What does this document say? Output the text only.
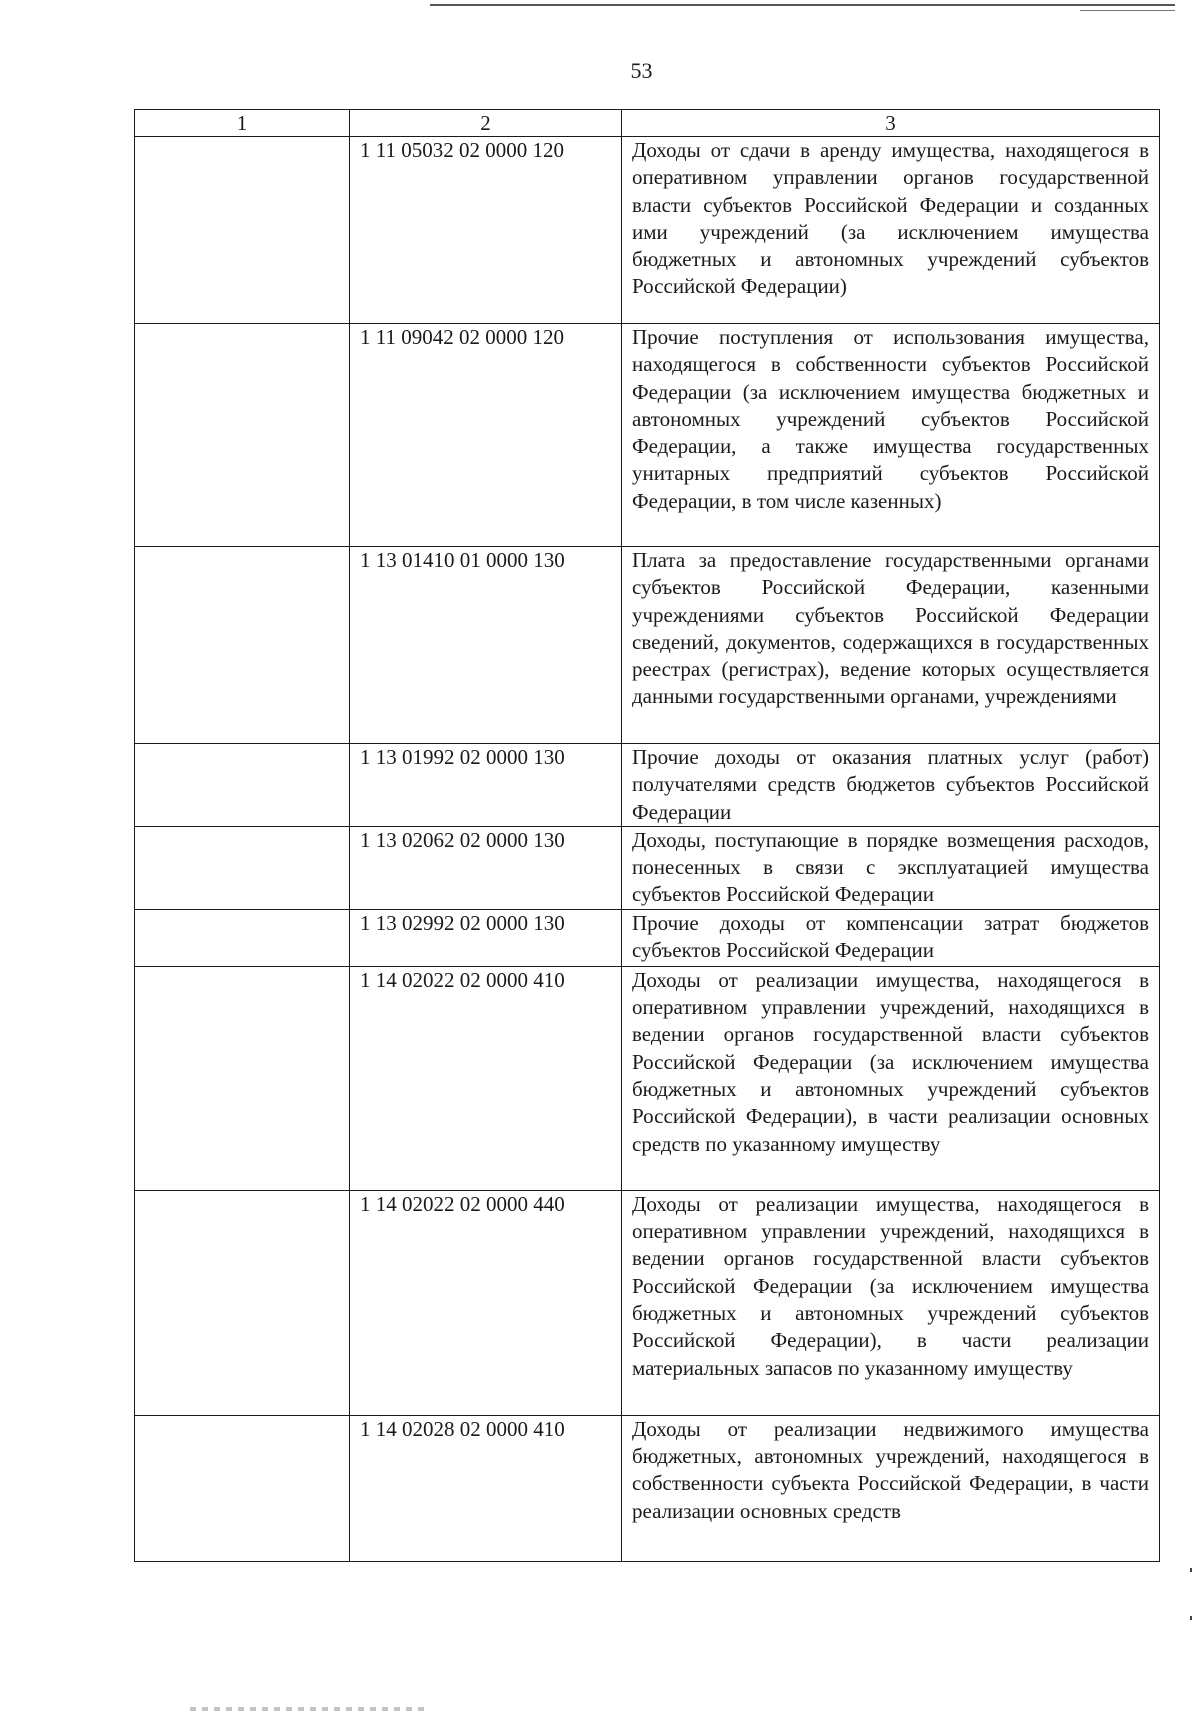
53
1	2	3
	1 11 05032 02 0000 120	Доходы от сдачи в аренду имущества, находящегося в оперативном управлении органов государственной власти субъектов Российской Федерации и созданных ими учреждений (за исключением имущества бюджетных и автономных учреждений субъектов Российской Федерации)
	1 11 09042 02 0000 120	Прочие поступления от использования имущества, находящегося в собственности субъектов Российской Федерации (за исключением имущества бюджетных и автономных учреждений субъектов Российской Федерации, а также имущества государственных унитарных предприятий субъектов Российской Федерации, в том числе казенных)
	1 13 01410 01 0000 130	Плата за предоставление государственными органами субъектов Российской Федерации, казенными учреждениями субъектов Российской Федерации сведений, документов, содержащихся в государственных реестрах (регистрах), ведение которых осуществляется данными государственными органами, учреждениями
	1 13 01992 02 0000 130	Прочие доходы от оказания платных услуг (работ) получателями средств бюджетов субъектов Российской Федерации
	1 13 02062 02 0000 130	Доходы, поступающие в порядке возмещения расходов, понесенных в связи с эксплуатацией имущества субъектов Российской Федерации
	1 13 02992 02 0000 130	Прочие доходы от компенсации затрат бюджетов субъектов Российской Федерации
	1 14 02022 02 0000 410	Доходы от реализации имущества, находящегося в оперативном управлении учреждений, находящихся в ведении органов государственной власти субъектов Российской Федерации (за исключением имущества бюджетных и автономных учреждений субъектов Российской Федерации), в части реализации основных средств по указанному имуществу
	1 14 02022 02 0000 440	Доходы от реализации имущества, находящегося в оперативном управлении учреждений, находящихся в ведении органов государственной власти субъектов Российской Федерации (за исключением имущества бюджетных и автономных учреждений субъектов Российской Федерации), в части реализации материальных запасов по указанному имуществу
	1 14 02028 02 0000 410	Доходы от реализации недвижимого имущества бюджетных, автономных учреждений, находящегося в собственности субъекта Российской Федерации, в части реализации основных средств
